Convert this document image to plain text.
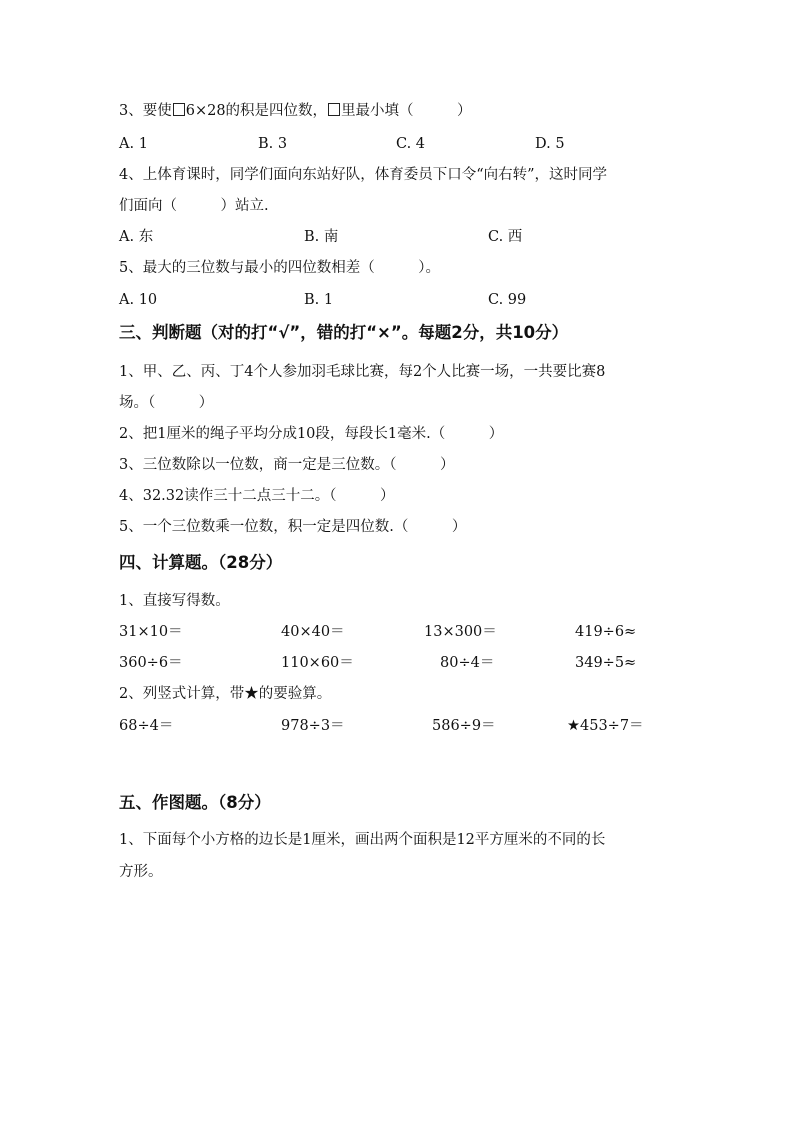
3、要使 6×28的积是四位数， 里最小填（　　　）
A. 1	B. 3	C. 4	D. 5
4、上体育课时，同学们面向东站好队，体育委员下口令“向右转”，这时同学
们面向（　　　）站立.
A. 东	B. 南	C. 西
5、最大的三位数与最小的四位数相差（　　　）。
A. 10	B. 1	C. 99
三、判断题（对的打“√”，错的打“×”。每题2分，共10分）
1、甲、乙、丙、丁4个人参加羽毛球比赛，每2个人比赛一场，一共要比赛8
场。（　　　）
2、把1厘米的绳子平均分成10段，每段长1毫米.（　　　）
3、三位数除以一位数，商一定是三位数。（　　　）
4、32.32读作三十二点三十二。（　　　）
5、一个三位数乘一位数，积一定是四位数.（　　　）
四、计算题。（28分）
1、直接写得数。
31×10＝	40×40＝	13×300＝	419÷6≈
360÷6＝	110×60＝	80÷4＝	349÷5≈
2、列竖式计算，带★的要验算。
68÷4＝	978÷3＝	586÷9＝	★453÷7＝
五、作图题。（8分）
1、下面每个小方格的边长是1厘米，画出两个面积是12平方厘米的不同的长
方形。
